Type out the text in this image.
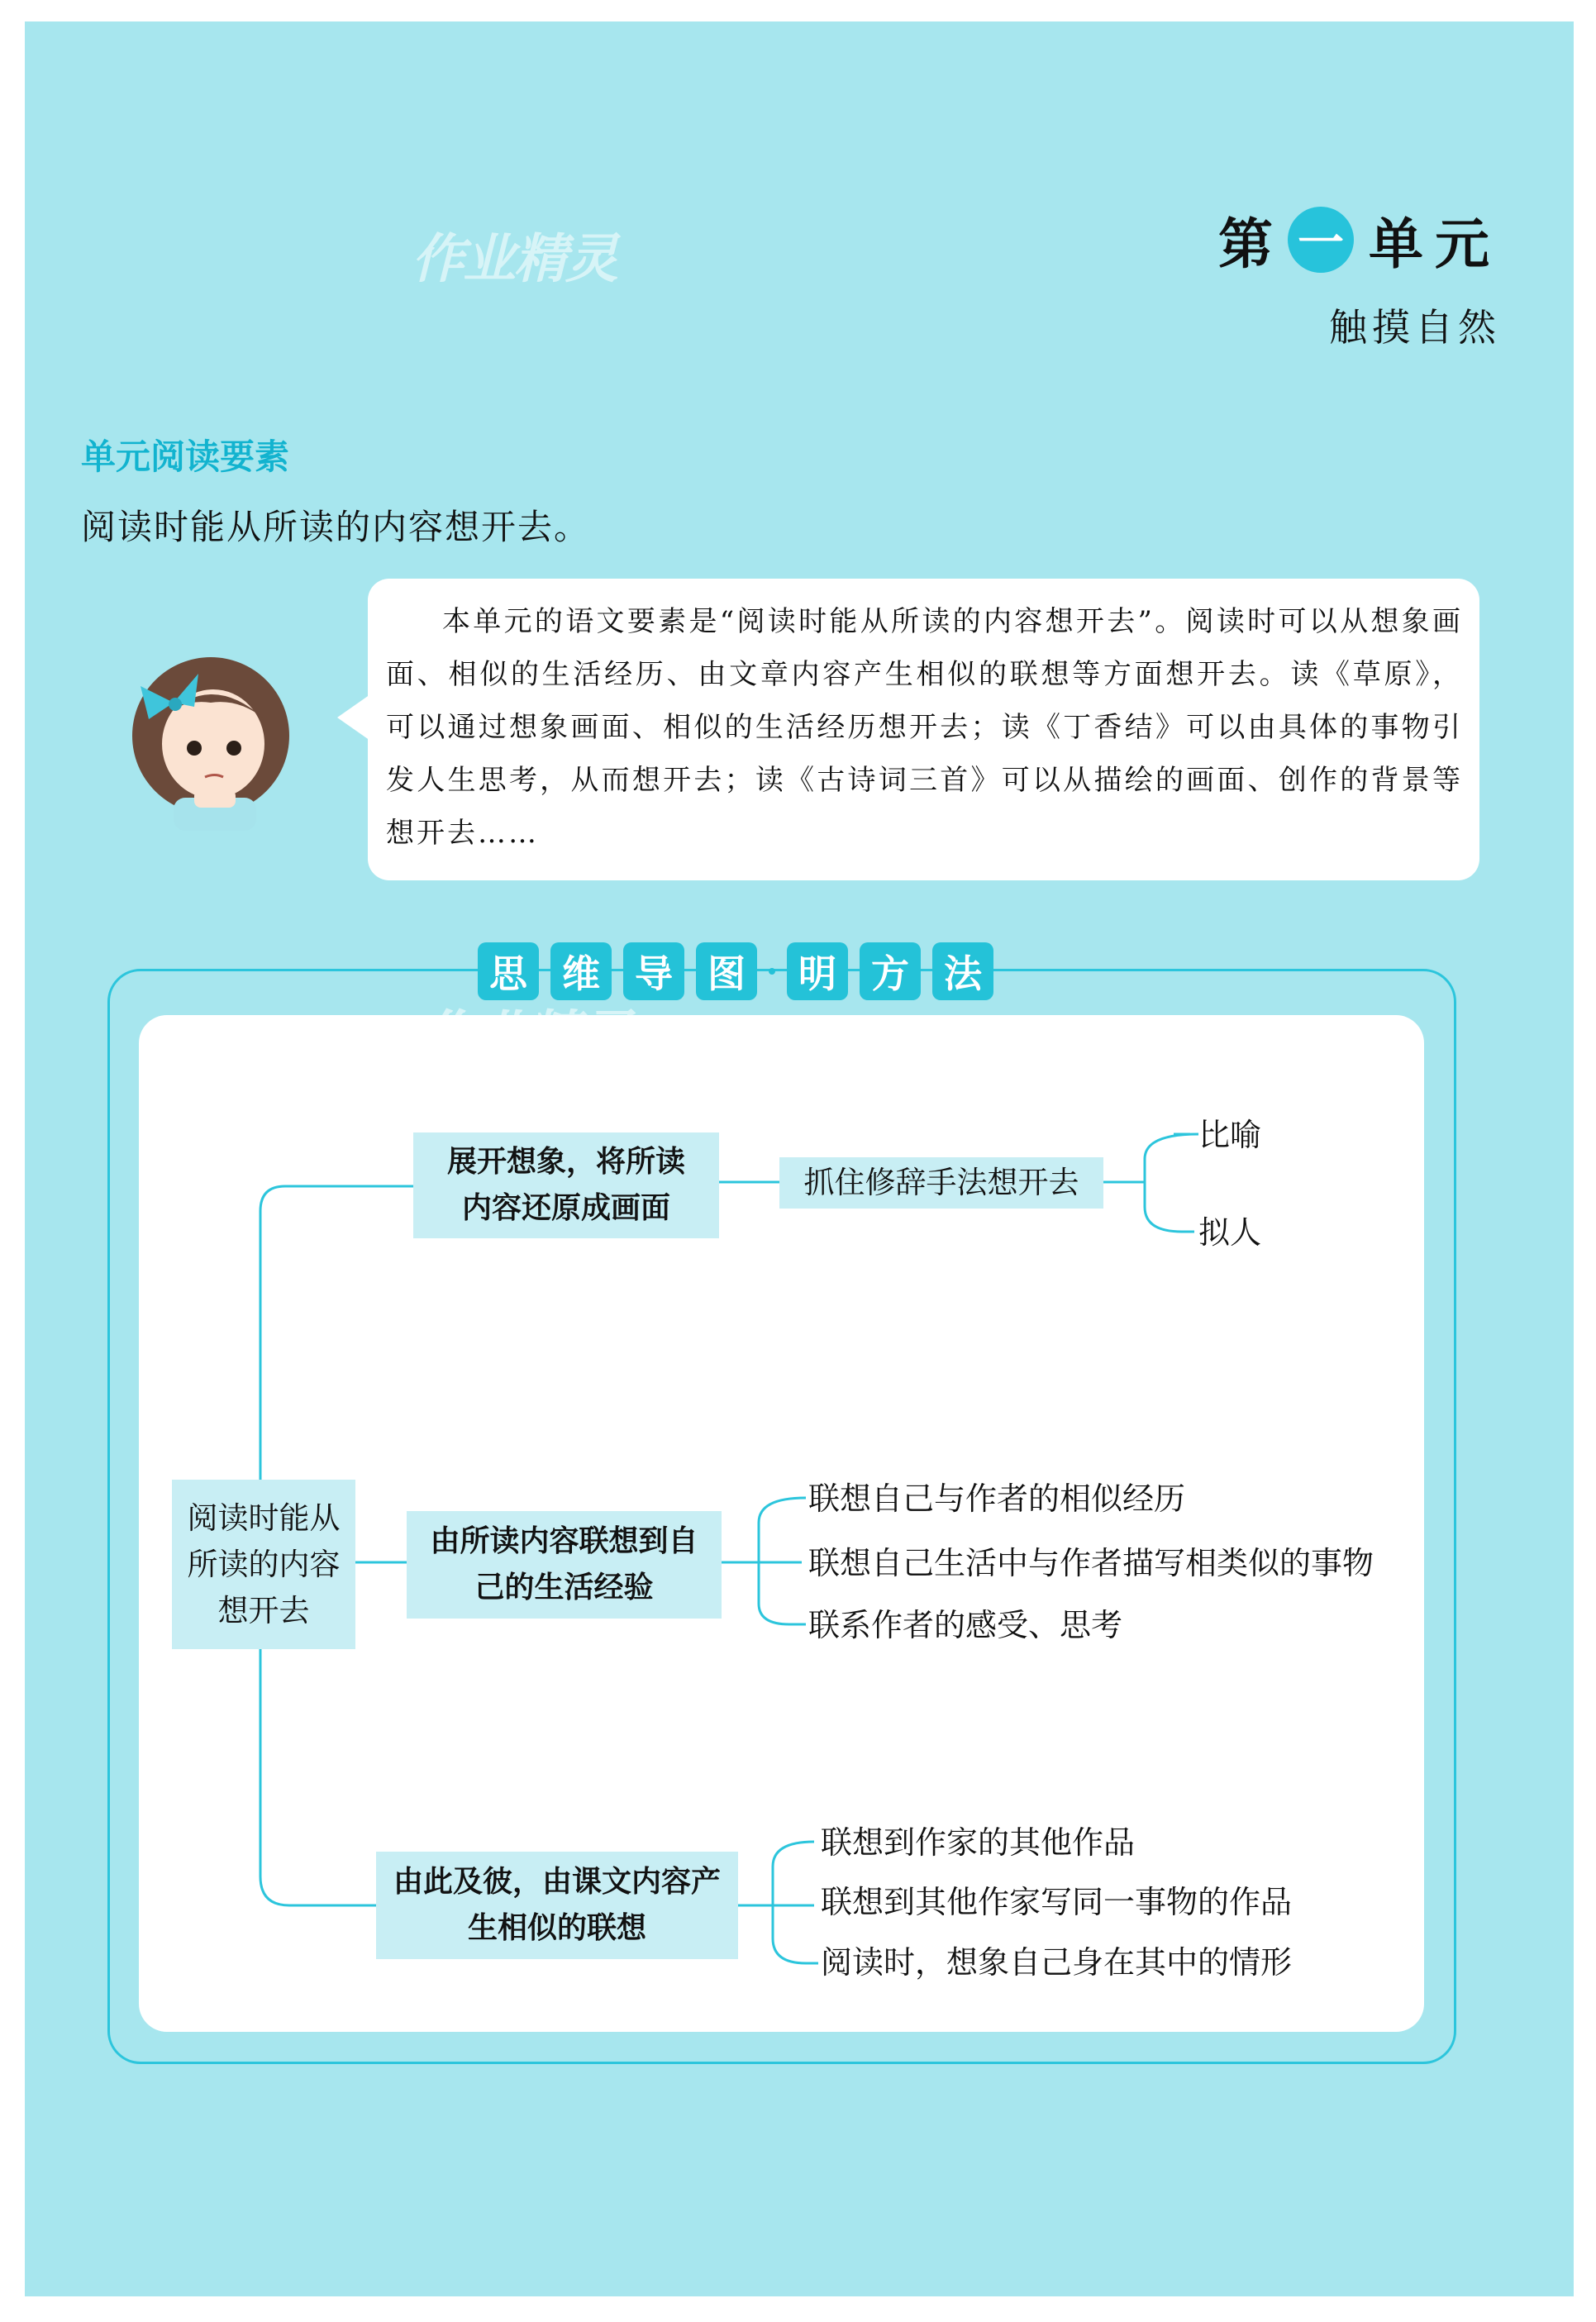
作业精灵	第 一 单元
触摸自然
单元阅读要素
阅读时能从所读的内容想开去。
本单元的语文要素是“阅读时能从所读的内容想开去”。阅读时可以从想象画面、相似的生活经历、由文章内容产生相似的联想等方面想开去。读《草原》，可以通过想象画面、相似的生活经历想开去；读《丁香结》可以由具体的事物引发人生思考，从而想开去；读《古诗词三首》可以从描绘的画面、创作的背景等想开去……
思 维 导 图	明 方 法
阅读时能从所读的内容想开去
展开想象，将所读内容还原成画面
抓住修辞手法想开去
比喻
拟人
由所读内容联想到自己的生活经验
联想自己与作者的相似经历
联想自己生活中与作者描写相类似的事物
联系作者的感受、思考
由此及彼，由课文内容产生相似的联想
联想到作家的其他作品
联想到其他作家写同一事物的作品
阅读时，想象自己身在其中的情形
